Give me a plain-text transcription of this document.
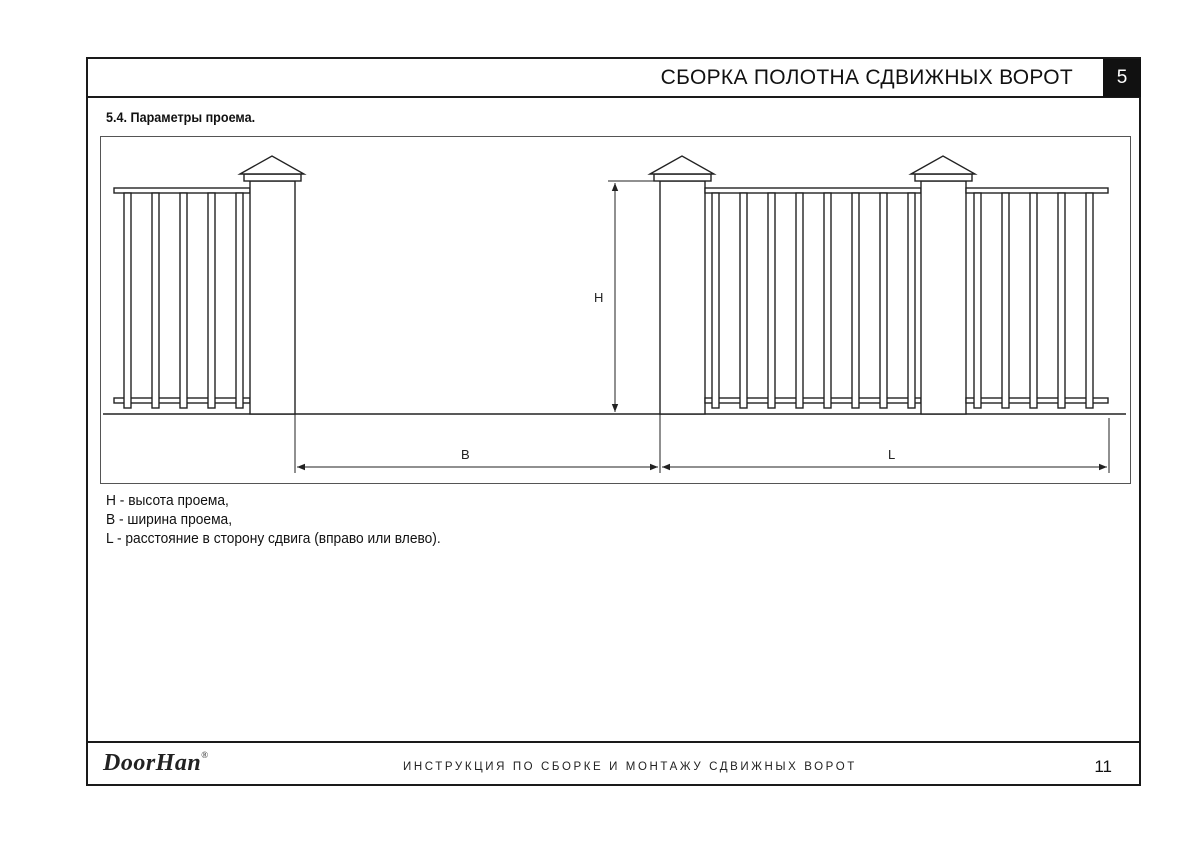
СБОРКА ПОЛОТНА СДВИЖНЫХ ВОРОТ	5
5.4. Параметры проема.
H
B	L
H - высота проема,
B - ширина проема,
L - расстояние в сторону сдвига (вправо или влево).
DoorHan®
ИНСТРУКЦИЯ ПО СБОРКЕ И МОНТАЖУ СДВИЖНЫХ ВОРОТ	11
